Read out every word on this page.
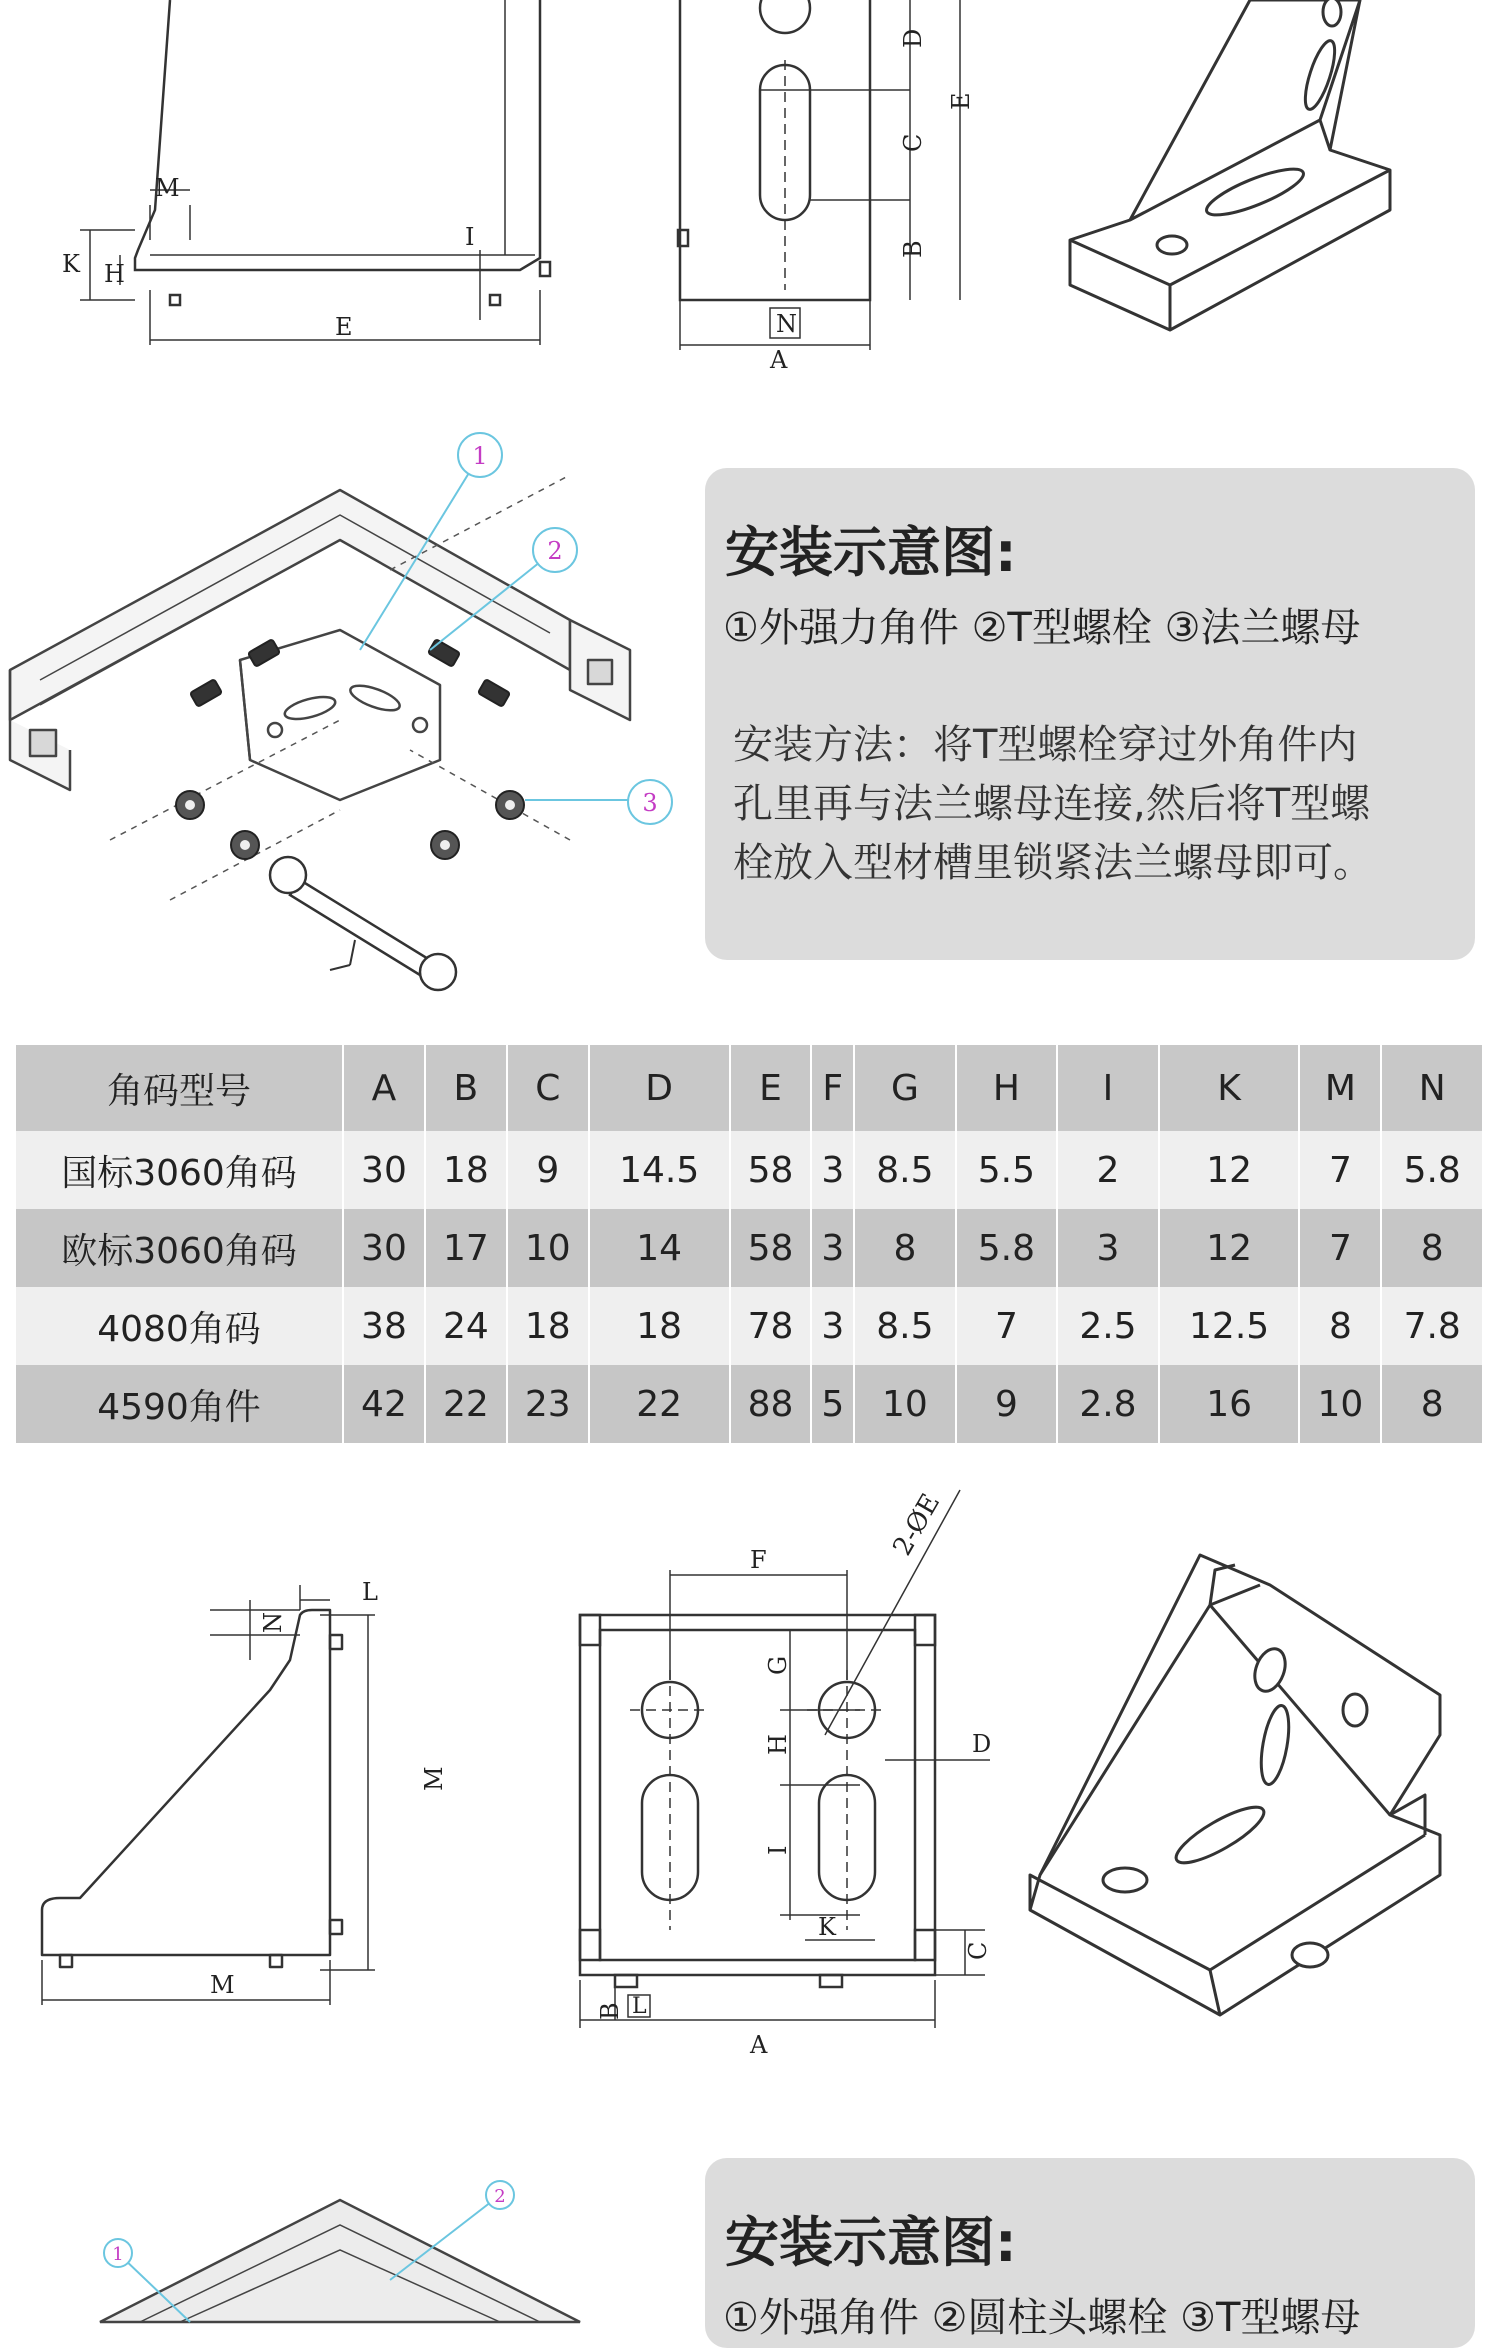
M
K H
I
E
D
C
B
E
N
A
1
2
3
安装示意图:
①外强力角件 ②T型螺栓 ③法兰螺母
安装方法：将T型螺栓穿过外角件内
孔里再与法兰螺母连接,然后将T型螺
栓放入型材槽里锁紧法兰螺母即可。
角码型号	A	B	C	D	E	F	G	H	I	K	M	N
国标3060角码	30	18	9	14.5	58	3	8.5	5.5	2	12	7	5.8
欧标3060角码	30	17	10	14	58	3	8	5.8	3	12	7	8
4080角码	38	24	18	18	78	3	8.5	7	2.5	12.5	8	7.8
4590角件	42	22	23	22	88	5	10	9	2.8	16	10	8
L
N
M
M
F	2-ØE
G
H
I
D
K
C
B L
A
1
2
安装示意图:
①外强角件 ②圆柱头螺栓 ③T型螺母
